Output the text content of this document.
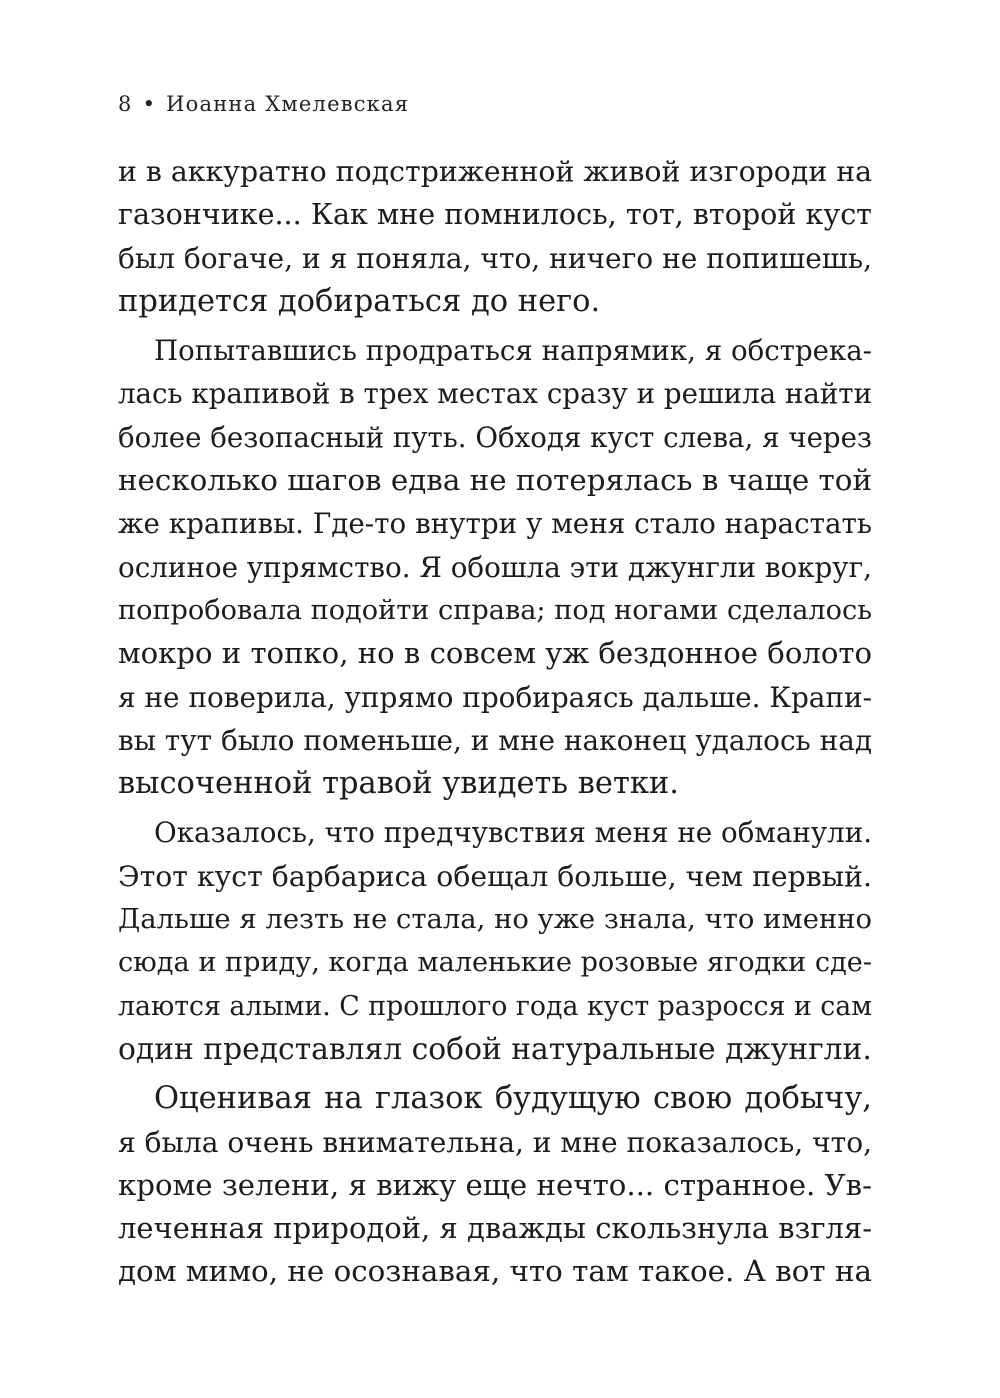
8 • Иоанна Хмелевская
и в аккуратно подстриженной живой изгороди на
газончике... Как мне помнилось, тот, второй куст
был богаче, и я поняла, что, ничего не попишешь,
придется добираться до него.
Попытавшись продраться напрямик, я обстрека-
лась крапивой в трех местах сразу и решила найти
более безопасный путь. Обходя куст слева, я через
несколько шагов едва не потерялась в чаще той
же крапивы. Где-то внутри у меня стало нарастать
ослиное упрямство. Я обошла эти джунгли вокруг,
попробовала подойти справа; под ногами сделалось
мокро и топко, но в совсем уж бездонное болото
я не поверила, упрямо пробираясь дальше. Крапи-
вы тут было поменьше, и мне наконец удалось над
высоченной травой увидеть ветки.
Оказалось, что предчувствия меня не обманули.
Этот куст барбариса обещал больше, чем первый.
Дальше я лезть не стала, но уже знала, что именно
сюда и приду, когда маленькие розовые ягодки сде-
лаются алыми. С прошлого года куст разросся и сам
один представлял собой натуральные джунгли.
Оценивая на глазок будущую свою добычу,
я была очень внимательна, и мне показалось, что,
кроме зелени, я вижу еще нечто... странное. Ув-
леченная природой, я дважды скользнула взгля-
дом мимо, не осознавая, что там такое. А вот на
